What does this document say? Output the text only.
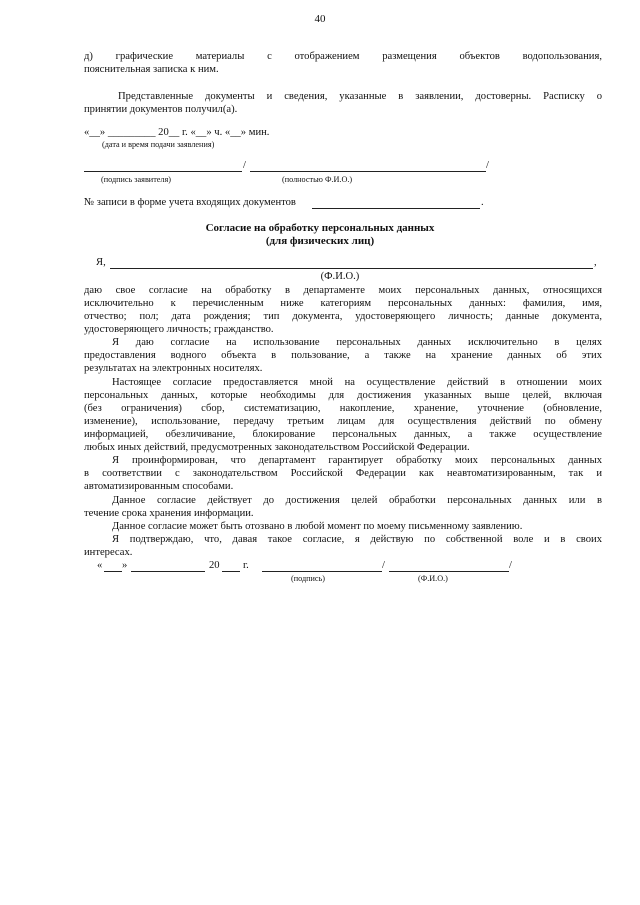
40
д) графические материалы с отображением размещения объектов водопользования,
пояснительная записка к ним.
Представленные документы и сведения, указанные в заявлении, достоверны. Расписку о
принятии документов получил(а).
«__» _________ 20__ г. «__» ч. «__» мин.
(дата и время подачи заявления)
/	/
(подпись заявителя)	(полностью Ф.И.О.)
№ записи в форме учета входящих документов	.
Согласие на обработку персональных данных
(для физических лиц)
Я,	,
(Ф.И.О.)
даю свое согласие на обработку в департаменте моих персональных данных, относящихся
исключительно к перечисленным ниже категориям персональных данных: фамилия, имя,
отчество; пол; дата рождения; тип документа, удостоверяющего личность; данные документа,
удостоверяющего личность; гражданство.
Я даю согласие на использование персональных данных исключительно в целях
предоставления водного объекта в пользование, а также на хранение данных об этих
результатах на электронных носителях.
Настоящее согласие предоставляется мной на осуществление действий в отношении моих
персональных данных, которые необходимы для достижения указанных выше целей, включая
(без ограничения) сбор, систематизацию, накопление, хранение, уточнение (обновление,
изменение), использование, передачу третьим лицам для осуществления действий по обмену
информацией, обезличивание, блокирование персональных данных, а также осуществление
любых иных действий, предусмотренных законодательством Российской Федерации.
Я проинформирован, что департамент гарантирует обработку моих персональных данных
в соответствии с законодательством Российской Федерации как неавтоматизированным, так и
автоматизированным способами.
Данное согласие действует до достижения целей обработки персональных данных или в
течение срока хранения информации.
Данное согласие может быть отозвано в любой момент по моему письменному заявлению.
Я подтверждаю, что, давая такое согласие, я действую по собственной воле и в своих
интересах.
« »	20 г.	/	/
(подпись)	(Ф.И.О.)
